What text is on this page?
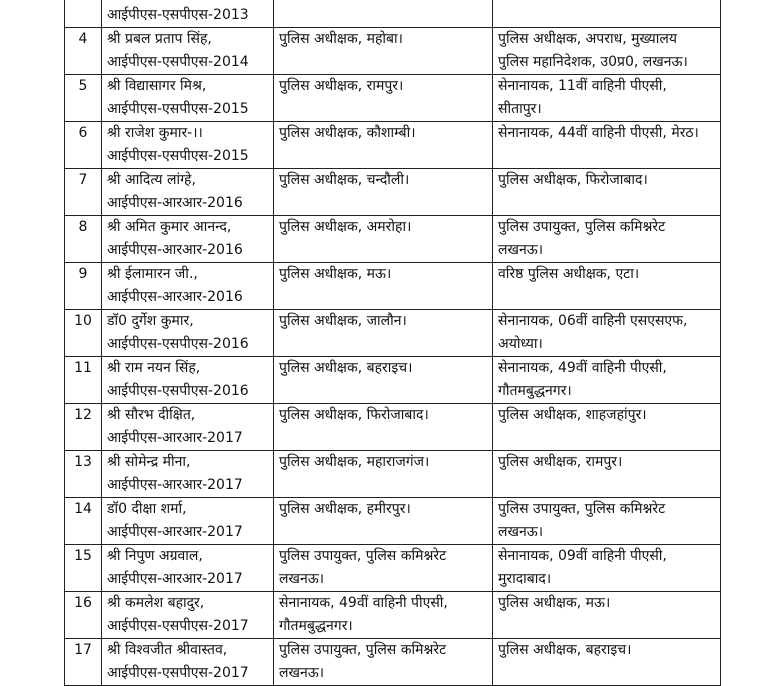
	आईपीएस-एसपीएस-2013		

4	श्री प्रबल प्रताप सिंह,
आईपीएस-एसपीएस-2014	पुलिस अधीक्षक, महोबा।	पुलिस अधीक्षक, अपराध, मुख्यालय
पुलिस महानिदेशक, उ0प्र0, लखनऊ।

5	श्री विद्यासागर मिश्र,
आईपीएस-एसपीएस-2015	पुलिस अधीक्षक, रामपुर।	सेनानायक, 11वीं वाहिनी पीएसी,
सीतापुर।

6	श्री राजेश कुमार-।।
आईपीएस-एसपीएस-2015	पुलिस अधीक्षक, कौशाम्बी।	सेनानायक, 44वीं वाहिनी पीएसी, मेरठ।

7	श्री आदित्य लांग्हे,
आईपीएस-आरआर-2016	पुलिस अधीक्षक, चन्दौली।	पुलिस अधीक्षक, फिरोजाबाद।

8	श्री अमित कुमार आनन्द,
आईपीएस-आरआर-2016	पुलिस अधीक्षक, अमरोहा।	पुलिस उपायुक्त, पुलिस कमिश्नरेट
लखनऊ।

9	श्री ईलामारन जी.,
आईपीएस-आरआर-2016	पुलिस अधीक्षक, मऊ।	वरिष्ठ पुलिस अधीक्षक, एटा।

10	डॉ0 दुर्गेश कुमार,
आईपीएस-एसपीएस-2016	पुलिस अधीक्षक, जालौन।	सेनानायक, 06वीं वाहिनी एसएसएफ,
अयोध्या।

11	श्री राम नयन सिंह,
आईपीएस-एसपीएस-2016	पुलिस अधीक्षक, बहराइच।	सेनानायक, 49वीं वाहिनी पीएसी,
गौतमबुद्धनगर।

12	श्री सौरभ दीक्षित,
आईपीएस-आरआर-2017	पुलिस अधीक्षक, फिरोजाबाद।	पुलिस अधीक्षक, शाहजहांपुर।

13	श्री सोमेन्द्र मीना,
आईपीएस-आरआर-2017	पुलिस अधीक्षक, महाराजगंज।	पुलिस अधीक्षक, रामपुर।

14	डॉ0 दीक्षा शर्मा,
आईपीएस-आरआर-2017	पुलिस अधीक्षक, हमीरपुर।	पुलिस उपायुक्त, पुलिस कमिश्नरेट
लखनऊ।

15	श्री निपुण अग्रवाल,
आईपीएस-आरआर-2017	पुलिस उपायुक्त, पुलिस कमिश्नरेट
लखनऊ।	सेनानायक, 09वीं वाहिनी पीएसी,
मुरादाबाद।

16	श्री कमलेश बहादुर,
आईपीएस-एसपीएस-2017	सेनानायक, 49वीं वाहिनी पीएसी,
गौतमबुद्धनगर।	पुलिस अधीक्षक, मऊ।

17	श्री विश्वजीत श्रीवास्तव,
आईपीएस-एसपीएस-2017	पुलिस उपायुक्त, पुलिस कमिश्नरेट
लखनऊ।	पुलिस अधीक्षक, बहराइच।
